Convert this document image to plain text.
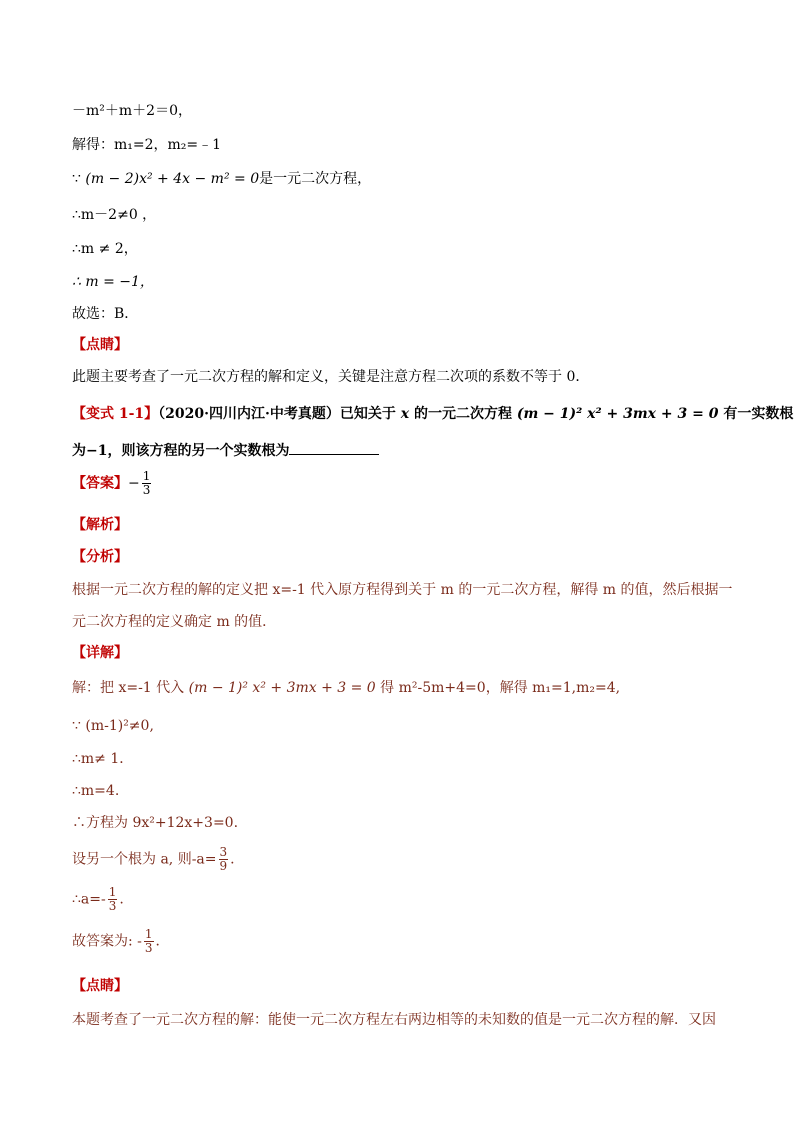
－m²＋m＋2＝0，
解得：m₁=2，m₂=﹣1
∵ (m − 2)x² + 4x − m² = 0是一元二次方程，
∴m－2≠0 ，
∴m ≠ 2，
∴ m = −1，
故选：B．
【点睛】
此题主要考查了一元二次方程的解和定义，关键是注意方程二次项的系数不等于 0．
【变式 1-1】（2020·四川内江·中考真题）已知关于 x 的一元二次方程 (m − 1)² x² + 3mx + 3 = 0 有一实数根
为−1，则该方程的另一个实数根为
【答案】− $\frac{1}{3}$
【解析】
【分析】
根据一元二次方程的解的定义把 x=-1 代入原方程得到关于 m 的一元二次方程，解得 m 的值，然后根据一
元二次方程的定义确定 m 的值．
【详解】
解：把 x=-1 代入 (m − 1)² x² + 3mx + 3 = 0 得 m²-5m+4=0，解得 m₁=1,m₂=4,
∵ (m-1)²≠0,
∴m≠ 1．
∴m=4.
∴方程为 9x²+12x+3=0.
设另一个根为 a, 则$-a= \frac{3}{9}$ .
∴a=- $\frac{1}{3}$ .
故答案为: - $\frac{1}{3}$ ．
【点睛】
本题考查了一元二次方程的解：能使一元二次方程左右两边相等的未知数的值是一元二次方程的解．又因
